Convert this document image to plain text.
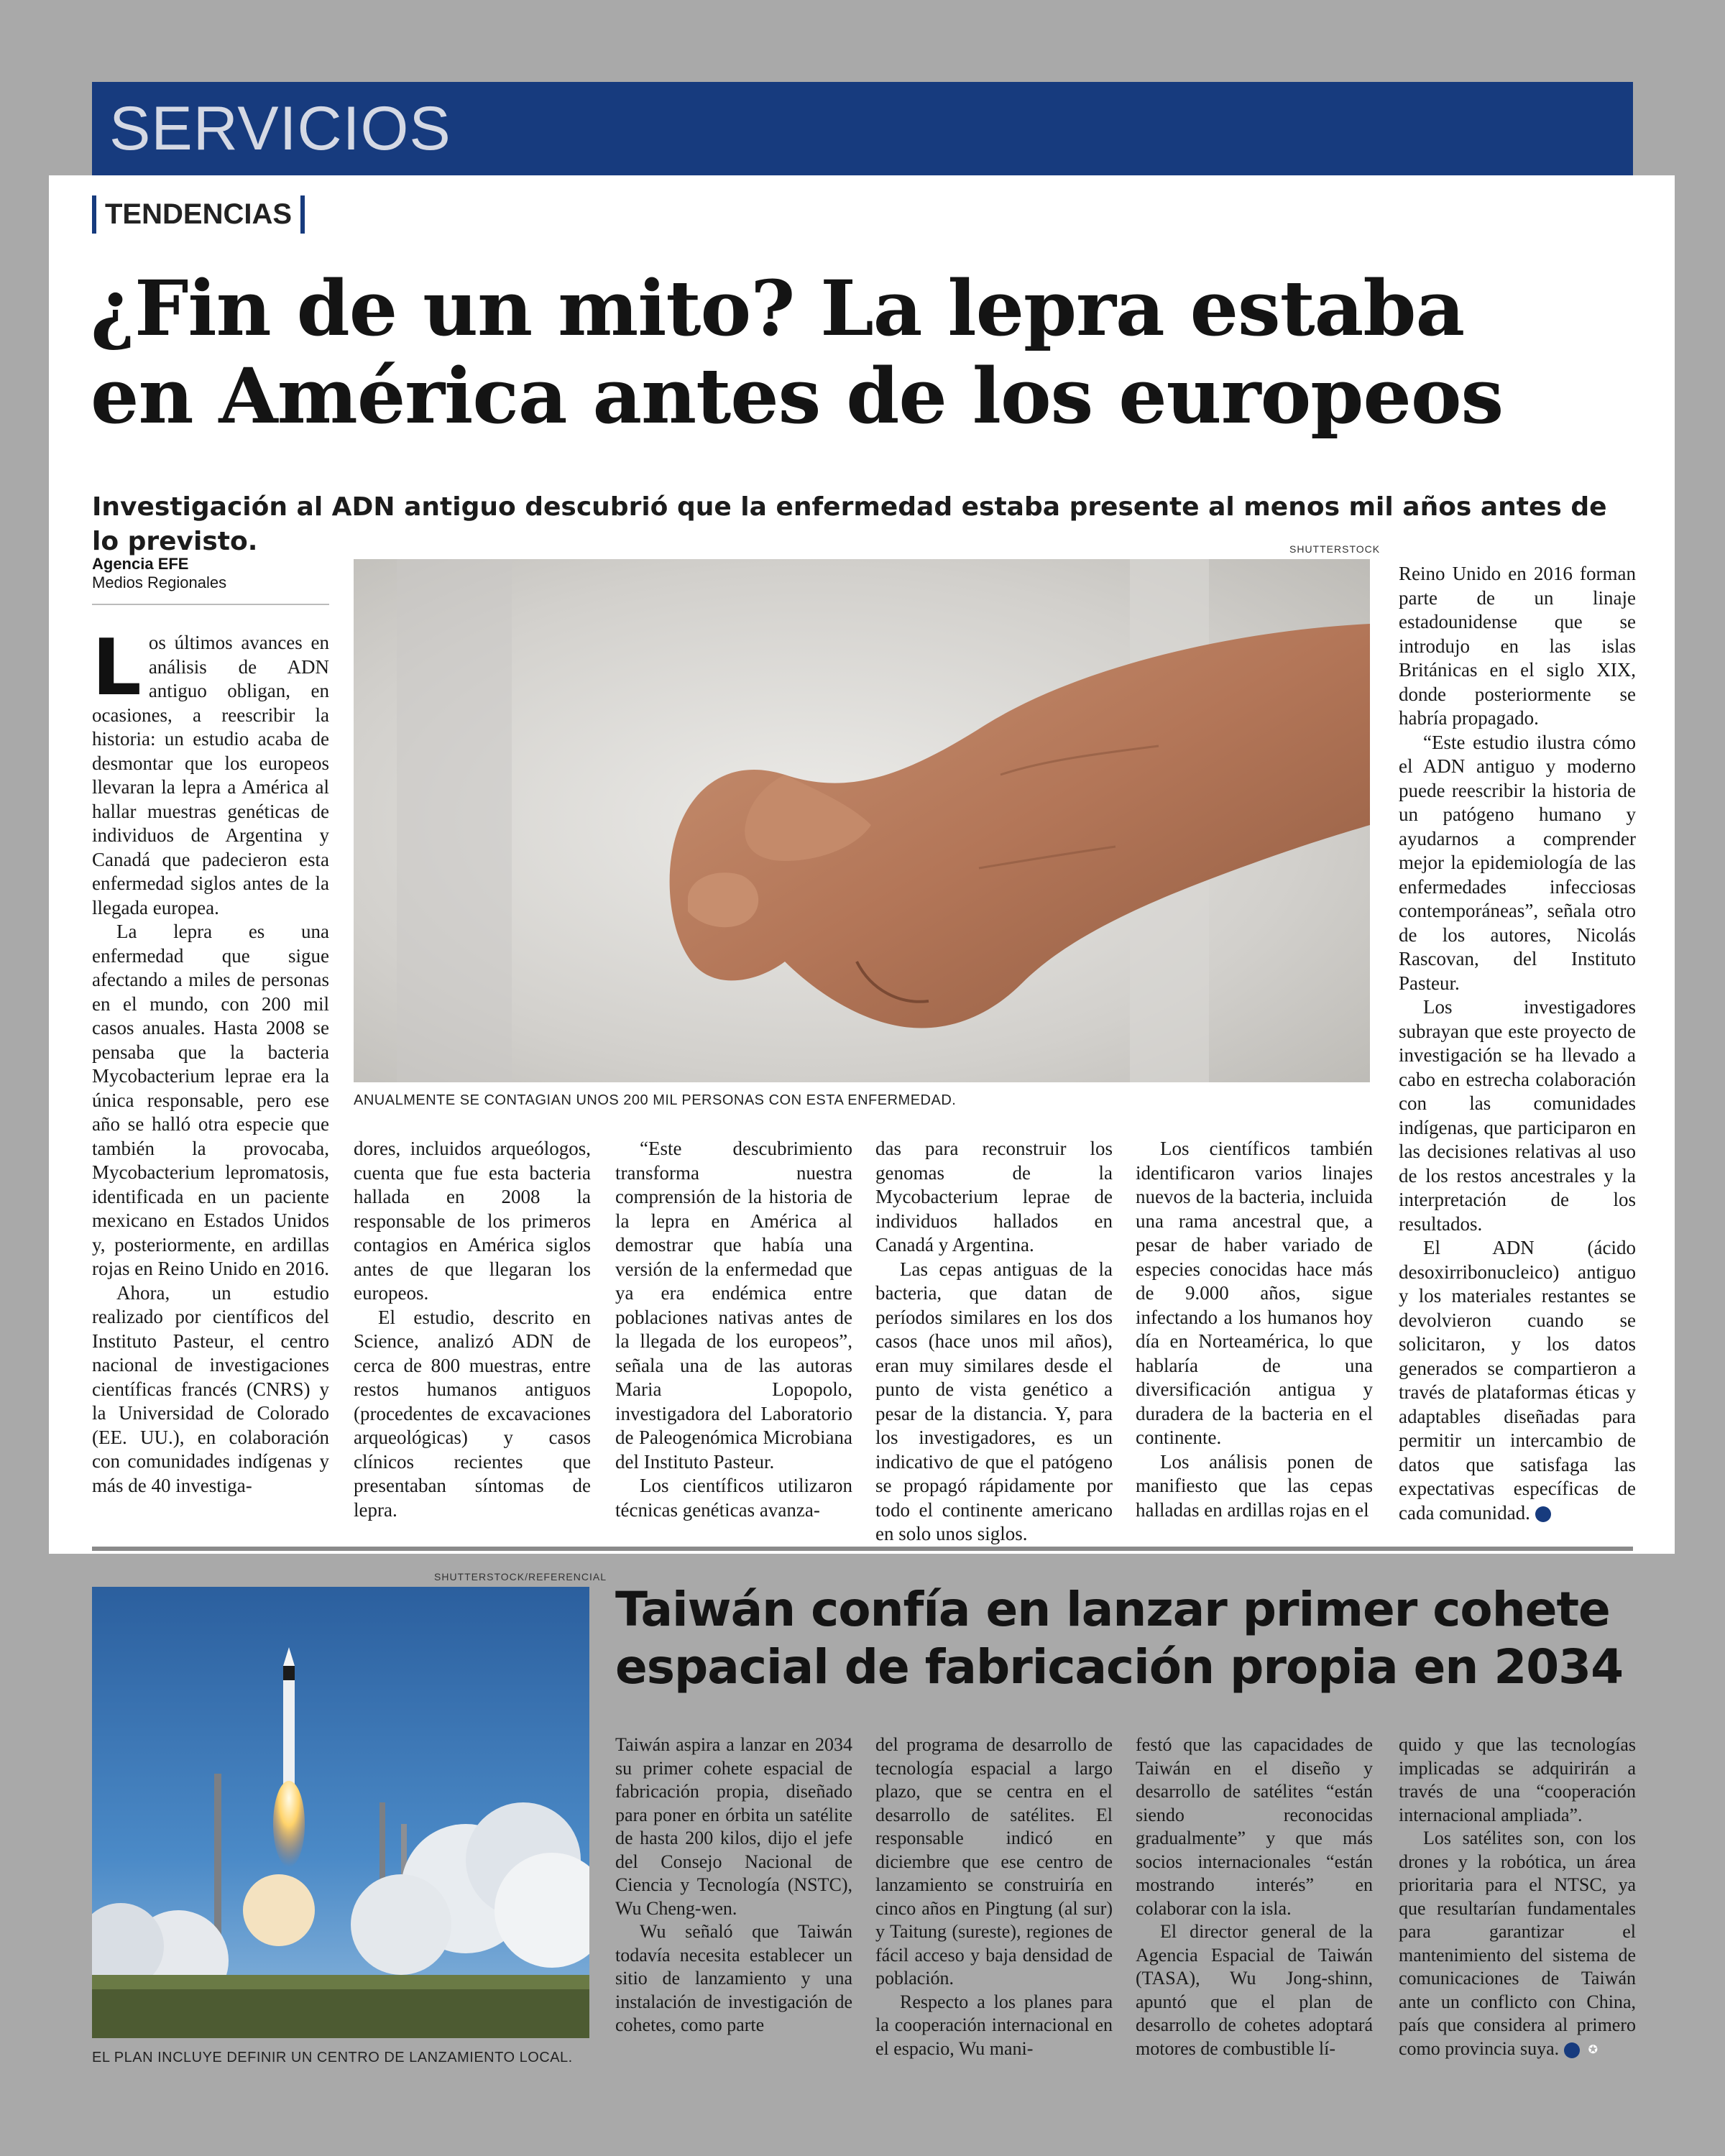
SERVICIOS
TENDENCIAS
¿Fin de un mito? La lepra estaba
en América antes de los europeos
Investigación al ADN antiguo descubrió que la enfermedad estaba presente al menos mil años antes de lo previsto.
Agencia EFE
Medios Regionales
SHUTTERSTOCK
ANUALMENTE SE CONTAGIAN UNOS 200 MIL PERSONAS CON ESTA ENFERMEDAD.

Los últimos avances en análisis de ADN antiguo obligan, en ocasiones, a reescribir la historia: un estudio acaba de desmontar que los europeos llevaran la lepra a América al hallar muestras genéticas de individuos de Argentina y Canadá que padecieron esta enfermedad siglos antes de la llegada europea.

La lepra es una enfermedad que sigue afectando a miles de personas en el mundo, con 200 mil casos anuales. Hasta 2008 se pensaba que la bacteria Mycobacterium leprae era la única responsable, pero ese año se halló otra especie que también la provocaba, Mycobacterium lepromatosis, identificada en un paciente mexicano en Estados Unidos y, posteriormente, en ardillas rojas en Reino Unido en 2016.

Ahora, un estudio realizado por científicos del Instituto Pasteur, el centro nacional de investigaciones científicas francés (CNRS) y la Universidad de Colorado (EE. UU.), en colaboración con comunidades indígenas y más de 40 investiga-

dores, incluidos arqueólogos, cuenta que fue esta bacteria hallada en 2008 la responsable de los primeros contagios en América siglos antes de que llegaran los europeos.

El estudio, descrito en Science, analizó ADN de cerca de 800 muestras, entre restos humanos antiguos (procedentes de excavaciones arqueológicas) y casos clínicos recientes que presentaban síntomas de lepra.

“Este descubrimiento transforma nuestra comprensión de la historia de la lepra en América al demostrar que había una versión de la enfermedad que ya era endémica entre poblaciones nativas antes de la llegada de los europeos”, señala una de las autoras Maria Lopopolo, investigadora del Laboratorio de Paleogenómica Microbiana del Instituto Pasteur.

Los científicos utilizaron técnicas genéticas avanza-

das para reconstruir los genomas de la Mycobacterium leprae de individuos hallados en Canadá y Argentina.

Las cepas antiguas de la bacteria, que datan de períodos similares en los dos casos (hace unos mil años), eran muy similares desde el punto de vista genético a pesar de la distancia. Y, para los investigadores, es un indicativo de que el patógeno se propagó rápidamente por todo el continente americano en solo unos siglos.

Los científicos también identificaron varios linajes nuevos de la bacteria, incluida una rama ancestral que, a pesar de haber variado de especies conocidas hace más de 9.000 años, sigue infectando a los humanos hoy día en Norteamérica, lo que hablaría de una diversificación antigua y duradera de la bacteria en el continente.

Los análisis ponen de manifiesto que las cepas halladas en ardillas rojas en el

Reino Unido en 2016 forman parte de un linaje estadounidense que se introdujo en las islas Británicas en el siglo XIX, donde posteriormente se habría propagado.

“Este estudio ilustra cómo el ADN antiguo y moderno puede reescribir la historia de un patógeno humano y ayudarnos a comprender mejor la epidemiología de las enfermedades infecciosas contemporáneas”, señala otro de los autores, Nicolás Rascovan, del Instituto Pasteur.

Los investigadores subrayan que este proyecto de investigación se ha llevado a cabo en estrecha colaboración con las comunidades indígenas, que participaron en las decisiones relativas al uso de los restos ancestrales y la interpretación de los resultados.

El ADN (ácido desoxirribonucleico) antiguo y los materiales restantes se devolvieron cuando se solicitaron, y los datos generados se compartieron a través de plataformas éticas y adaptables diseñadas para permitir un intercambio de datos que satisfaga las expectativas específicas de cada comunidad.	✪

SHUTTERSTOCK/REFERENCIAL
EL PLAN INCLUYE DEFINIR UN CENTRO DE LANZAMIENTO LOCAL.
Taiwán confía en lanzar primer cohete
espacial de fabricación propia en 2034

Taiwán aspira a lanzar en 2034 su primer cohete espacial de fabricación propia, diseñado para poner en órbita un satélite de hasta 200 kilos, dijo el jefe del Consejo Nacional de Ciencia y Tecnología (NSTC), Wu Cheng-wen.

Wu señaló que Taiwán todavía necesita establecer un sitio de lanzamiento y una instalación de investigación de cohetes, como parte

del programa de desarrollo de tecnología espacial a largo plazo, que se centra en el desarrollo de satélites. El responsable indicó en diciembre que ese centro de lanzamiento se construiría en cinco años en Pingtung (al sur) y Taitung (sureste), regiones de fácil acceso y baja densidad de población.

Respecto a los planes para la cooperación internacional en el espacio, Wu mani-

festó que las capacidades de Taiwán en el diseño y desarrollo de satélites “están siendo reconocidas gradualmente” y que más socios internacionales “están mostrando interés” en colaborar con la isla.

El director general de la Agencia Espacial de Taiwán (TASA), Wu Jong-shinn, apuntó que el plan de desarrollo de cohetes adoptará motores de combustible lí-

quido y que las tecnologías implicadas se adquirirán a través de una “cooperación internacional ampliada”.

Los satélites son, con los drones y la robótica, un área prioritaria para el NTSC, ya que resultarían fundamentales para garantizar el mantenimiento del sistema de comunicaciones de Taiwán ante un conflicto con China, país que considera al primero como provincia suya.	✪
